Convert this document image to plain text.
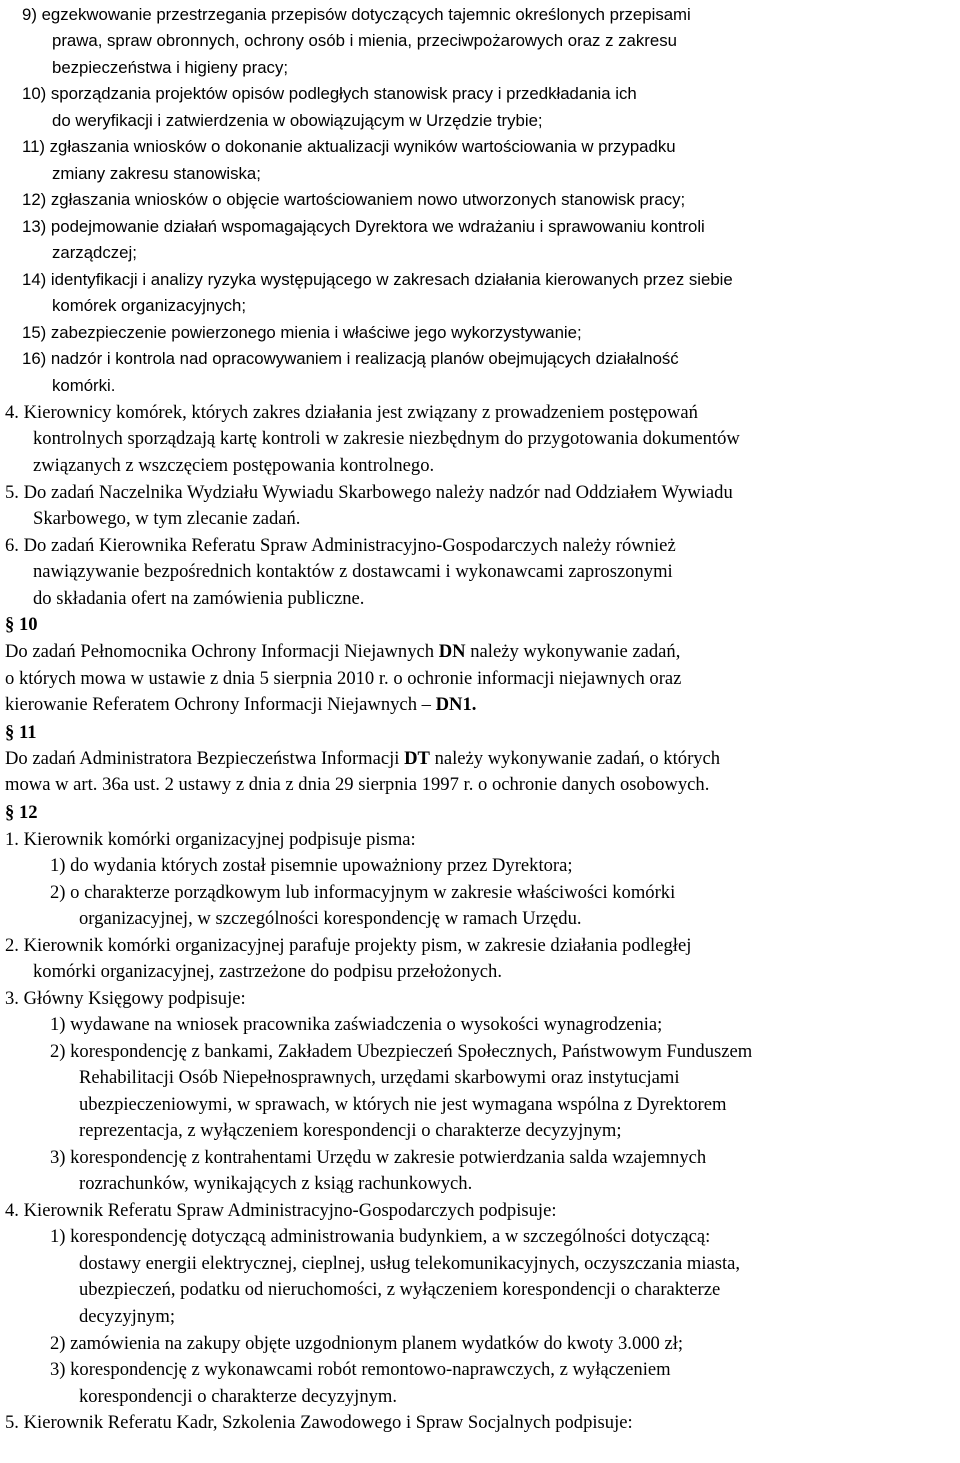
9) egzekwowanie przestrzegania przepisów dotyczących tajemnic określonych przepisami

prawa, spraw obronnych, ochrony osób i mienia, przeciwpożarowych oraz z zakresu

bezpieczeństwa i higieny pracy;

10) sporządzania projektów opisów podległych stanowisk pracy i przedkładania ich

do weryfikacji i zatwierdzenia w obowiązującym w Urzędzie trybie;

11) zgłaszania wniosków o dokonanie aktualizacji wyników wartościowania w przypadku

zmiany zakresu stanowiska;

12) zgłaszania wniosków o objęcie wartościowaniem nowo utworzonych stanowisk pracy;

13) podejmowanie działań wspomagających Dyrektora we wdrażaniu i sprawowaniu kontroli

zarządczej;

14) identyfikacji i analizy ryzyka występującego w zakresach działania kierowanych przez siebie

komórek organizacyjnych;

15) zabezpieczenie powierzonego mienia i właściwe jego wykorzystywanie;

16) nadzór i kontrola nad opracowywaniem i realizacją planów obejmujących działalność

komórki.

4. Kierownicy komórek, których zakres działania jest związany z prowadzeniem postępowań

kontrolnych sporządzają kartę kontroli w zakresie niezbędnym do przygotowania dokumentów

związanych z wszczęciem postępowania kontrolnego.

5. Do zadań Naczelnika Wydziału Wywiadu Skarbowego należy nadzór nad Oddziałem Wywiadu

Skarbowego, w tym zlecanie zadań.

6. Do zadań Kierownika Referatu Spraw Administracyjno-Gospodarczych należy również

nawiązywanie bezpośrednich kontaktów z dostawcami i wykonawcami zaproszonymi

do składania ofert na zamówienia publiczne.

§ 10

Do zadań Pełnomocnika Ochrony Informacji Niejawnych DN należy wykonywanie zadań,

o których mowa w ustawie z dnia 5 sierpnia 2010 r. o ochronie informacji niejawnych oraz

kierowanie Referatem Ochrony Informacji Niejawnych – DN1.

§ 11

Do zadań Administratora Bezpieczeństwa Informacji DT należy wykonywanie zadań, o których

mowa w art. 36a ust. 2 ustawy z dnia z dnia 29 sierpnia 1997 r. o ochronie danych osobowych.

§ 12

1. Kierownik komórki organizacyjnej podpisuje pisma:

1) do wydania których został pisemnie upoważniony przez Dyrektora;

2) o charakterze porządkowym lub informacyjnym w zakresie właściwości komórki

organizacyjnej, w szczególności korespondencję w ramach Urzędu.

2. Kierownik komórki organizacyjnej parafuje projekty pism, w zakresie działania podległej

komórki organizacyjnej, zastrzeżone do podpisu przełożonych.

3. Główny Księgowy podpisuje:

1) wydawane na wniosek pracownika zaświadczenia o wysokości wynagrodzenia;

2) korespondencję z bankami, Zakładem Ubezpieczeń Społecznych, Państwowym Funduszem

Rehabilitacji Osób Niepełnosprawnych, urzędami skarbowymi oraz instytucjami

ubezpieczeniowymi, w sprawach, w których nie jest wymagana wspólna z Dyrektorem

reprezentacja, z wyłączeniem korespondencji o charakterze decyzyjnym;

3) korespondencję z kontrahentami Urzędu w zakresie potwierdzania salda wzajemnych

rozrachunków, wynikających z ksiąg rachunkowych.

4. Kierownik Referatu Spraw Administracyjno-Gospodarczych podpisuje:

1) korespondencję dotyczącą administrowania budynkiem, a w szczególności dotyczącą:

dostawy energii elektrycznej, cieplnej, usług telekomunikacyjnych, oczyszczania miasta,

ubezpieczeń, podatku od nieruchomości, z wyłączeniem korespondencji o charakterze

decyzyjnym;

2) zamówienia na zakupy objęte uzgodnionym planem wydatków do kwoty 3.000 zł;

3) korespondencję z wykonawcami robót remontowo-naprawczych, z wyłączeniem

korespondencji o charakterze decyzyjnym.

5. Kierownik Referatu Kadr, Szkolenia Zawodowego i Spraw Socjalnych podpisuje:
